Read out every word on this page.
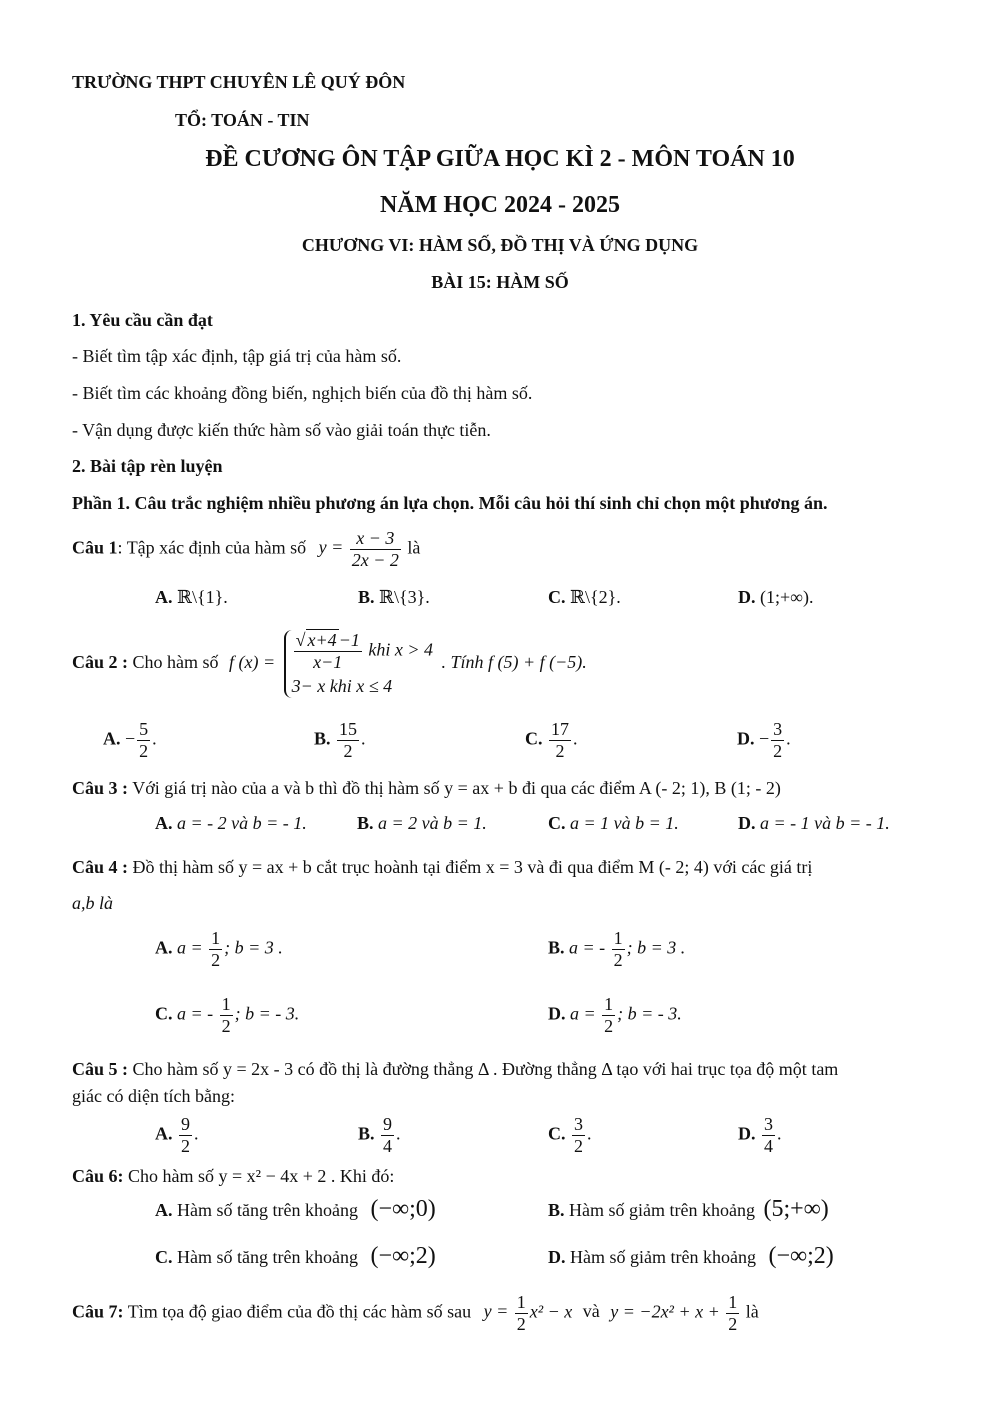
TRƯỜNG THPT CHUYÊN LÊ QUÝ ĐÔN
TỔ: TOÁN - TIN
ĐỀ CƯƠNG ÔN TẬP GIỮA HỌC KÌ 2 - MÔN TOÁN 10
NĂM HỌC 2024 - 2025
CHƯƠNG VI: HÀM SỐ, ĐỒ THỊ VÀ ỨNG DỤNG
BÀI 15: HÀM SỐ
1. Yêu cầu cần đạt
- Biết tìm tập xác định, tập giá trị của hàm số.
- Biết tìm các khoảng đồng biến, nghịch biến của đồ thị hàm số.
- Vận dụng được kiến thức hàm số vào giải toán thực tiễn.
2. Bài tập rèn luyện
Phần 1. Câu trắc nghiệm nhiều phương án lựa chọn. Mỗi câu hỏi thí sinh chỉ chọn một phương án.
Câu 1: Tập xác định của hàm số $y = \frac{x - 3}{2x - 2}$ là
A. ℝ\{1}.	B. ℝ\{3}.	C. ℝ\{2}.	D. (1;+∞).
Câu 2 : Cho hàm số f $(x) = \frac{√ x+4 -1}{x-1}$ khi x > 4
3− x khi x ≤ 4
. Tính f (5) + f (−5).
A. − $\frac{5}{2}$ .	B. $\frac{15}{2}$ .	C. $\frac{17}{2}$ .	D. − $\frac{3}{2}$ .
Câu 3 : Với giá trị nào của a và b thì đồ thị hàm số y = ax + b đi qua các điểm A (- 2; 1), B (1; - 2)
A. a = - 2 và b = - 1.	B. a = 2 và b = 1.	C. a = 1 và b = 1.	D. a = - 1 và b = - 1.
Câu 4 : Đồ thị hàm số y = ax + b cắt trục hoành tại điểm x = 3 và đi qua điểm M (- 2; 4) với các giá trị
a,b là
A. $a = \frac{1}{2}$ ; b = 3 .	B. a = - $\frac{1}{2}$ ; b = 3 .
C. a = - $\frac{1}{2}$ ; b = - 3.	D. $a = \frac{1}{2}$ ; b = - 3.
Câu 5 : Cho hàm số y = 2x - 3 có đồ thị là đường thẳng Δ . Đường thẳng Δ tạo với hai trục tọa độ một tam
giác có diện tích bằng:
A. $\frac{9}{2}$ .	B. $\frac{9}{4}$ .	C. $\frac{3}{2}$ .	D. $\frac{3}{4}$ .
Câu 6: Cho hàm số y = x² − 4x + 2 . Khi đó:
A. Hàm số tăng trên khoảng (−∞;0)	B. Hàm số giảm trên khoảng (5;+∞)
C. Hàm số tăng trên khoảng (−∞;2)	D. Hàm số giảm trên khoảng (−∞;2)
Câu 7: Tìm tọa độ giao điểm của đồ thị các hàm số sau $y = \frac{1}{2} x^2 - x$ và $y = -2x^2 + x + \frac{1}{2}$ là
